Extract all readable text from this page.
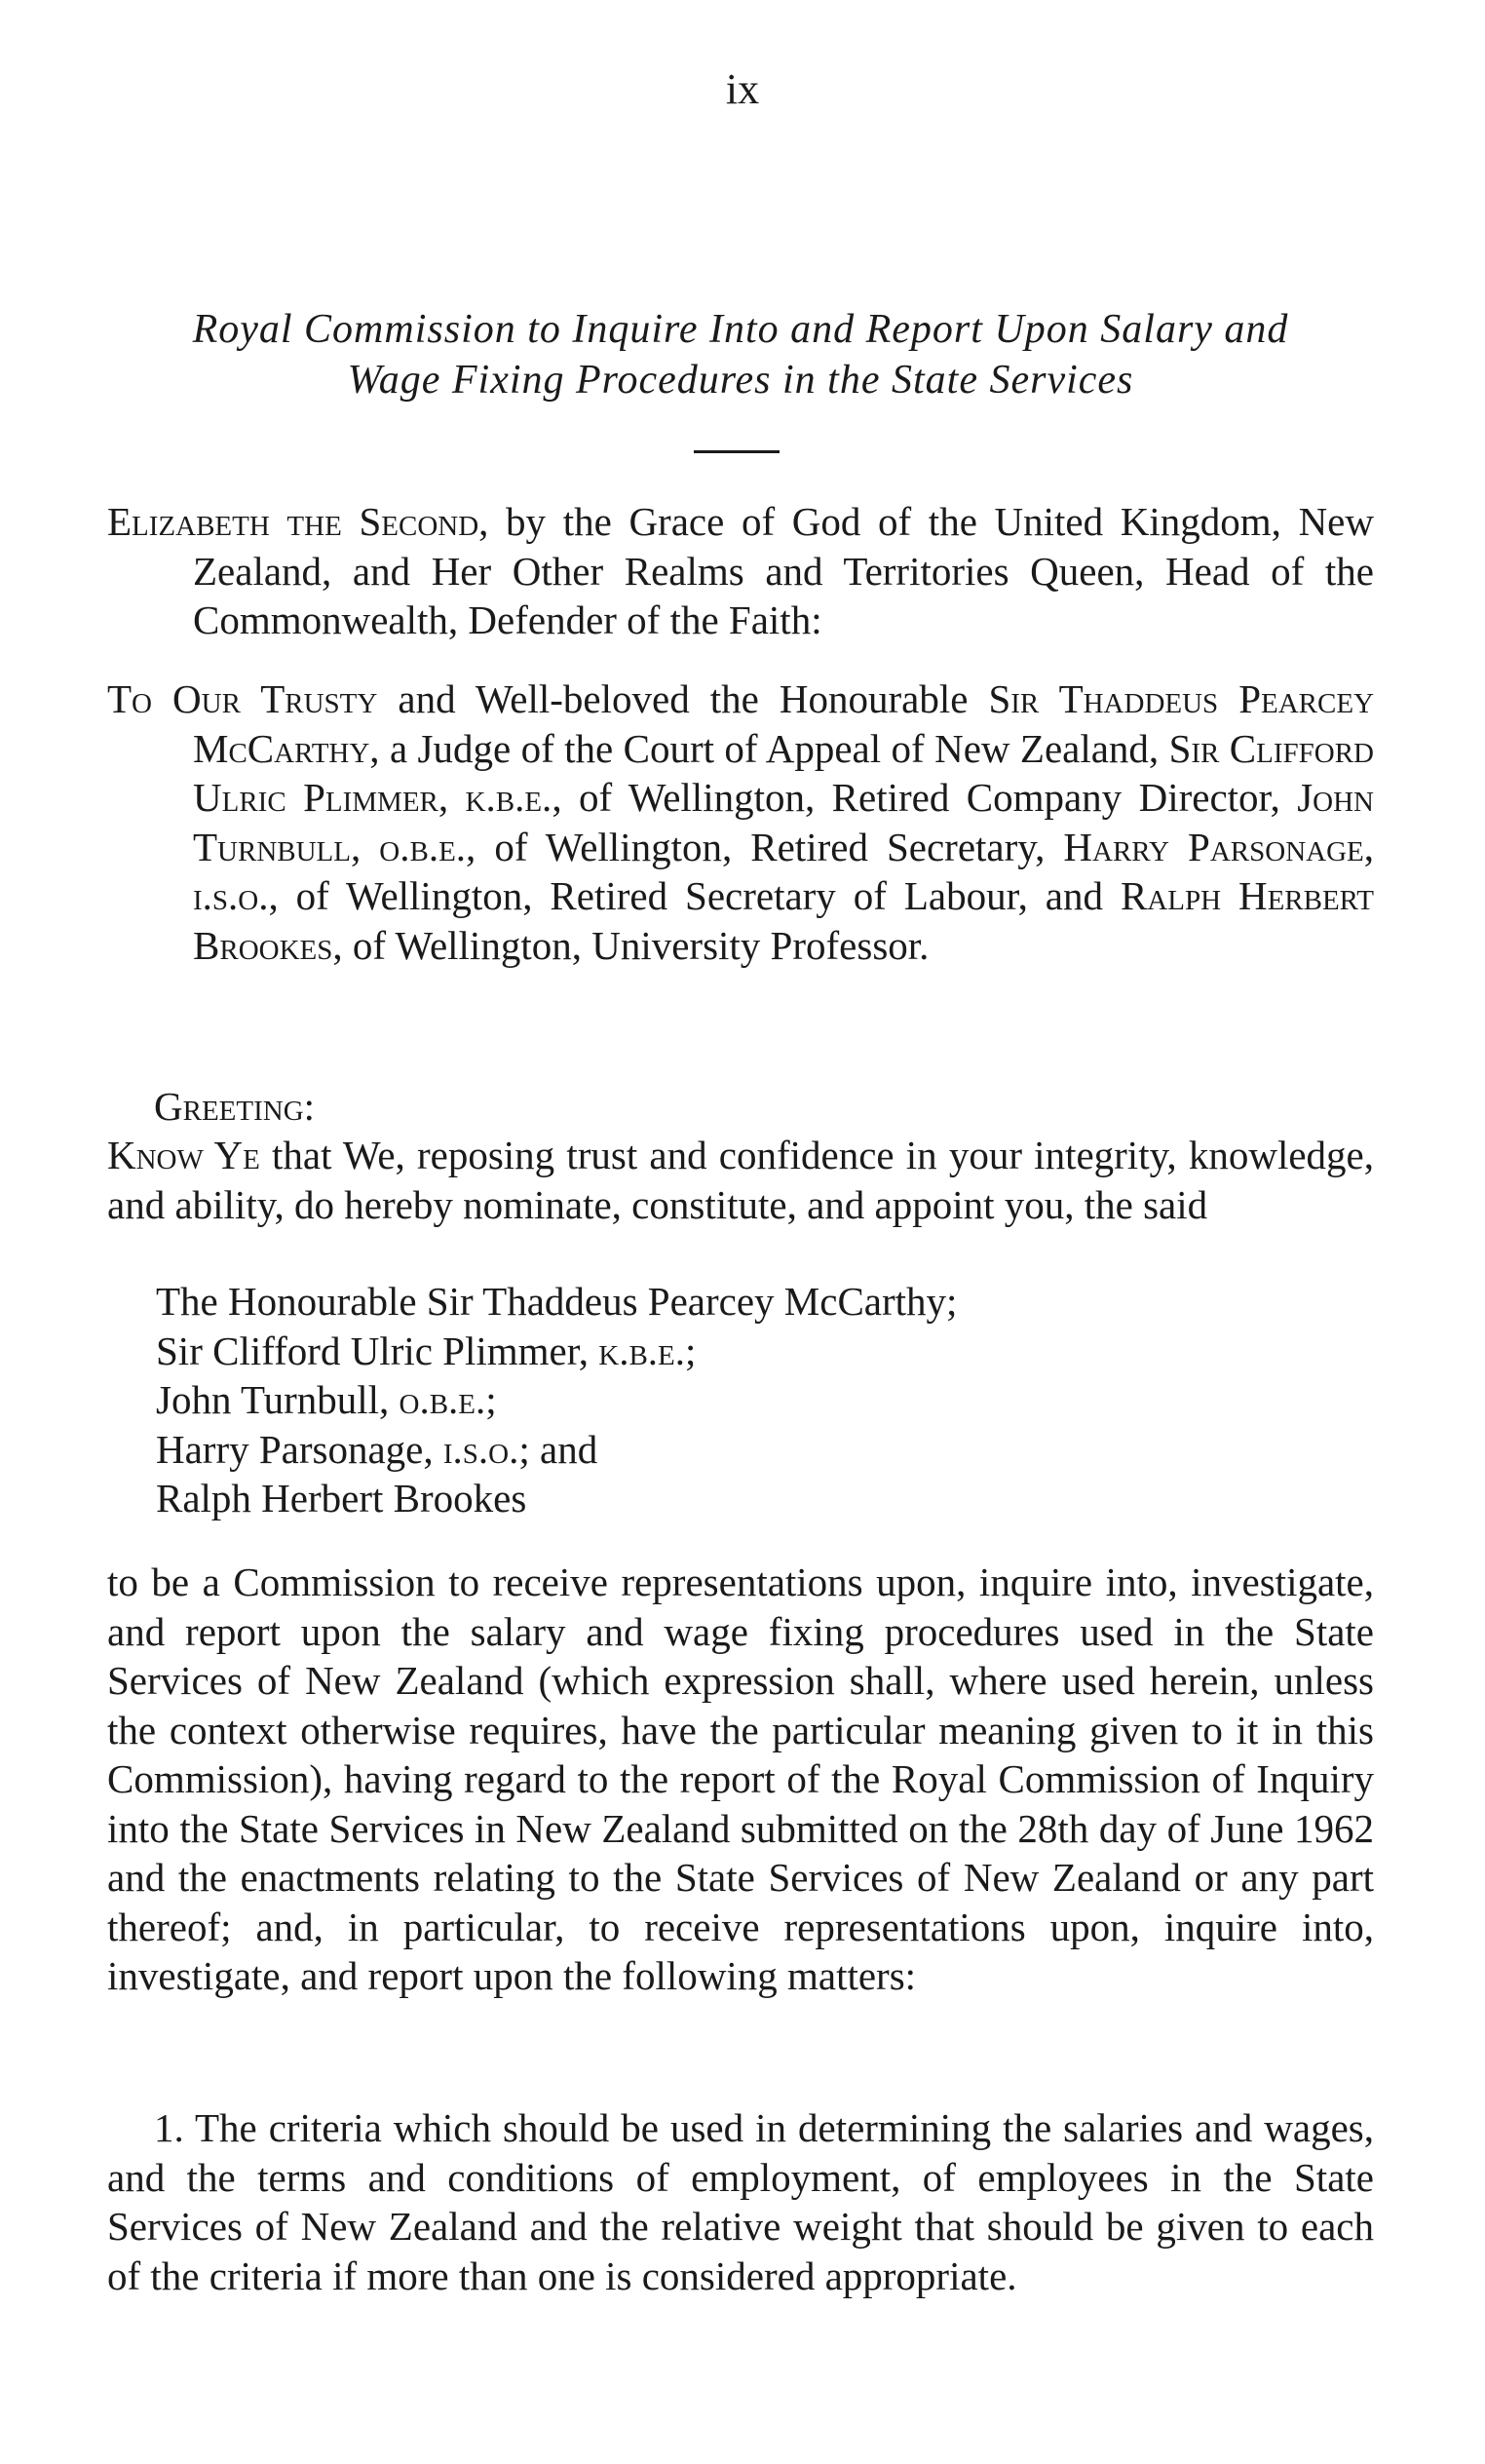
ix
Royal Commission to Inquire Into and Report Upon Salary and
Wage Fixing Procedures in the State Services

Elizabeth the Second, by the Grace of God of the United Kingdom, New Zealand, and Her Other Realms and Territories Queen, Head of the Commonwealth, Defender of the Faith:

To Our Trusty and Well-beloved the Honourable Sir Thaddeus Pearcey McCarthy, a Judge of the Court of Appeal of New Zealand, Sir Clifford Ulric Plimmer, k.b.e., of Wellington, Retired Company Director, John Turnbull, o.b.e., of Wellington, Retired Secretary, Harry Parsonage, i.s.o., of Wellington, Retired Secretary of Labour, and Ralph Herbert Brookes, of Wellington, University Professor.

Greeting:

Know Ye that We, reposing trust and confidence in your integrity, knowledge, and ability, do hereby nominate, constitute, and appoint you, the said

The Honourable Sir Thaddeus Pearcey McCarthy;
Sir Clifford Ulric Plimmer, k.b.e.;
John Turnbull, o.b.e.;
Harry Parsonage, i.s.o.; and
Ralph Herbert Brookes

to be a Commission to receive representations upon, inquire into, investigate, and report upon the salary and wage fixing procedures used in the State Services of New Zealand (which expression shall, where used herein, unless the context otherwise requires, have the particular meaning given to it in this Commission), having regard to the report of the Royal Commission of Inquiry into the State Services in New Zealand submitted on the 28th day of June 1962 and the enactments relating to the State Services of New Zealand or any part thereof; and, in particular, to receive representations upon, inquire into, investigate, and report upon the following matters:

1. The criteria which should be used in determining the salaries and wages, and the terms and conditions of employment, of employees in the State Services of New Zealand and the relative weight that should be given to each of the criteria if more than one is considered appropriate.
